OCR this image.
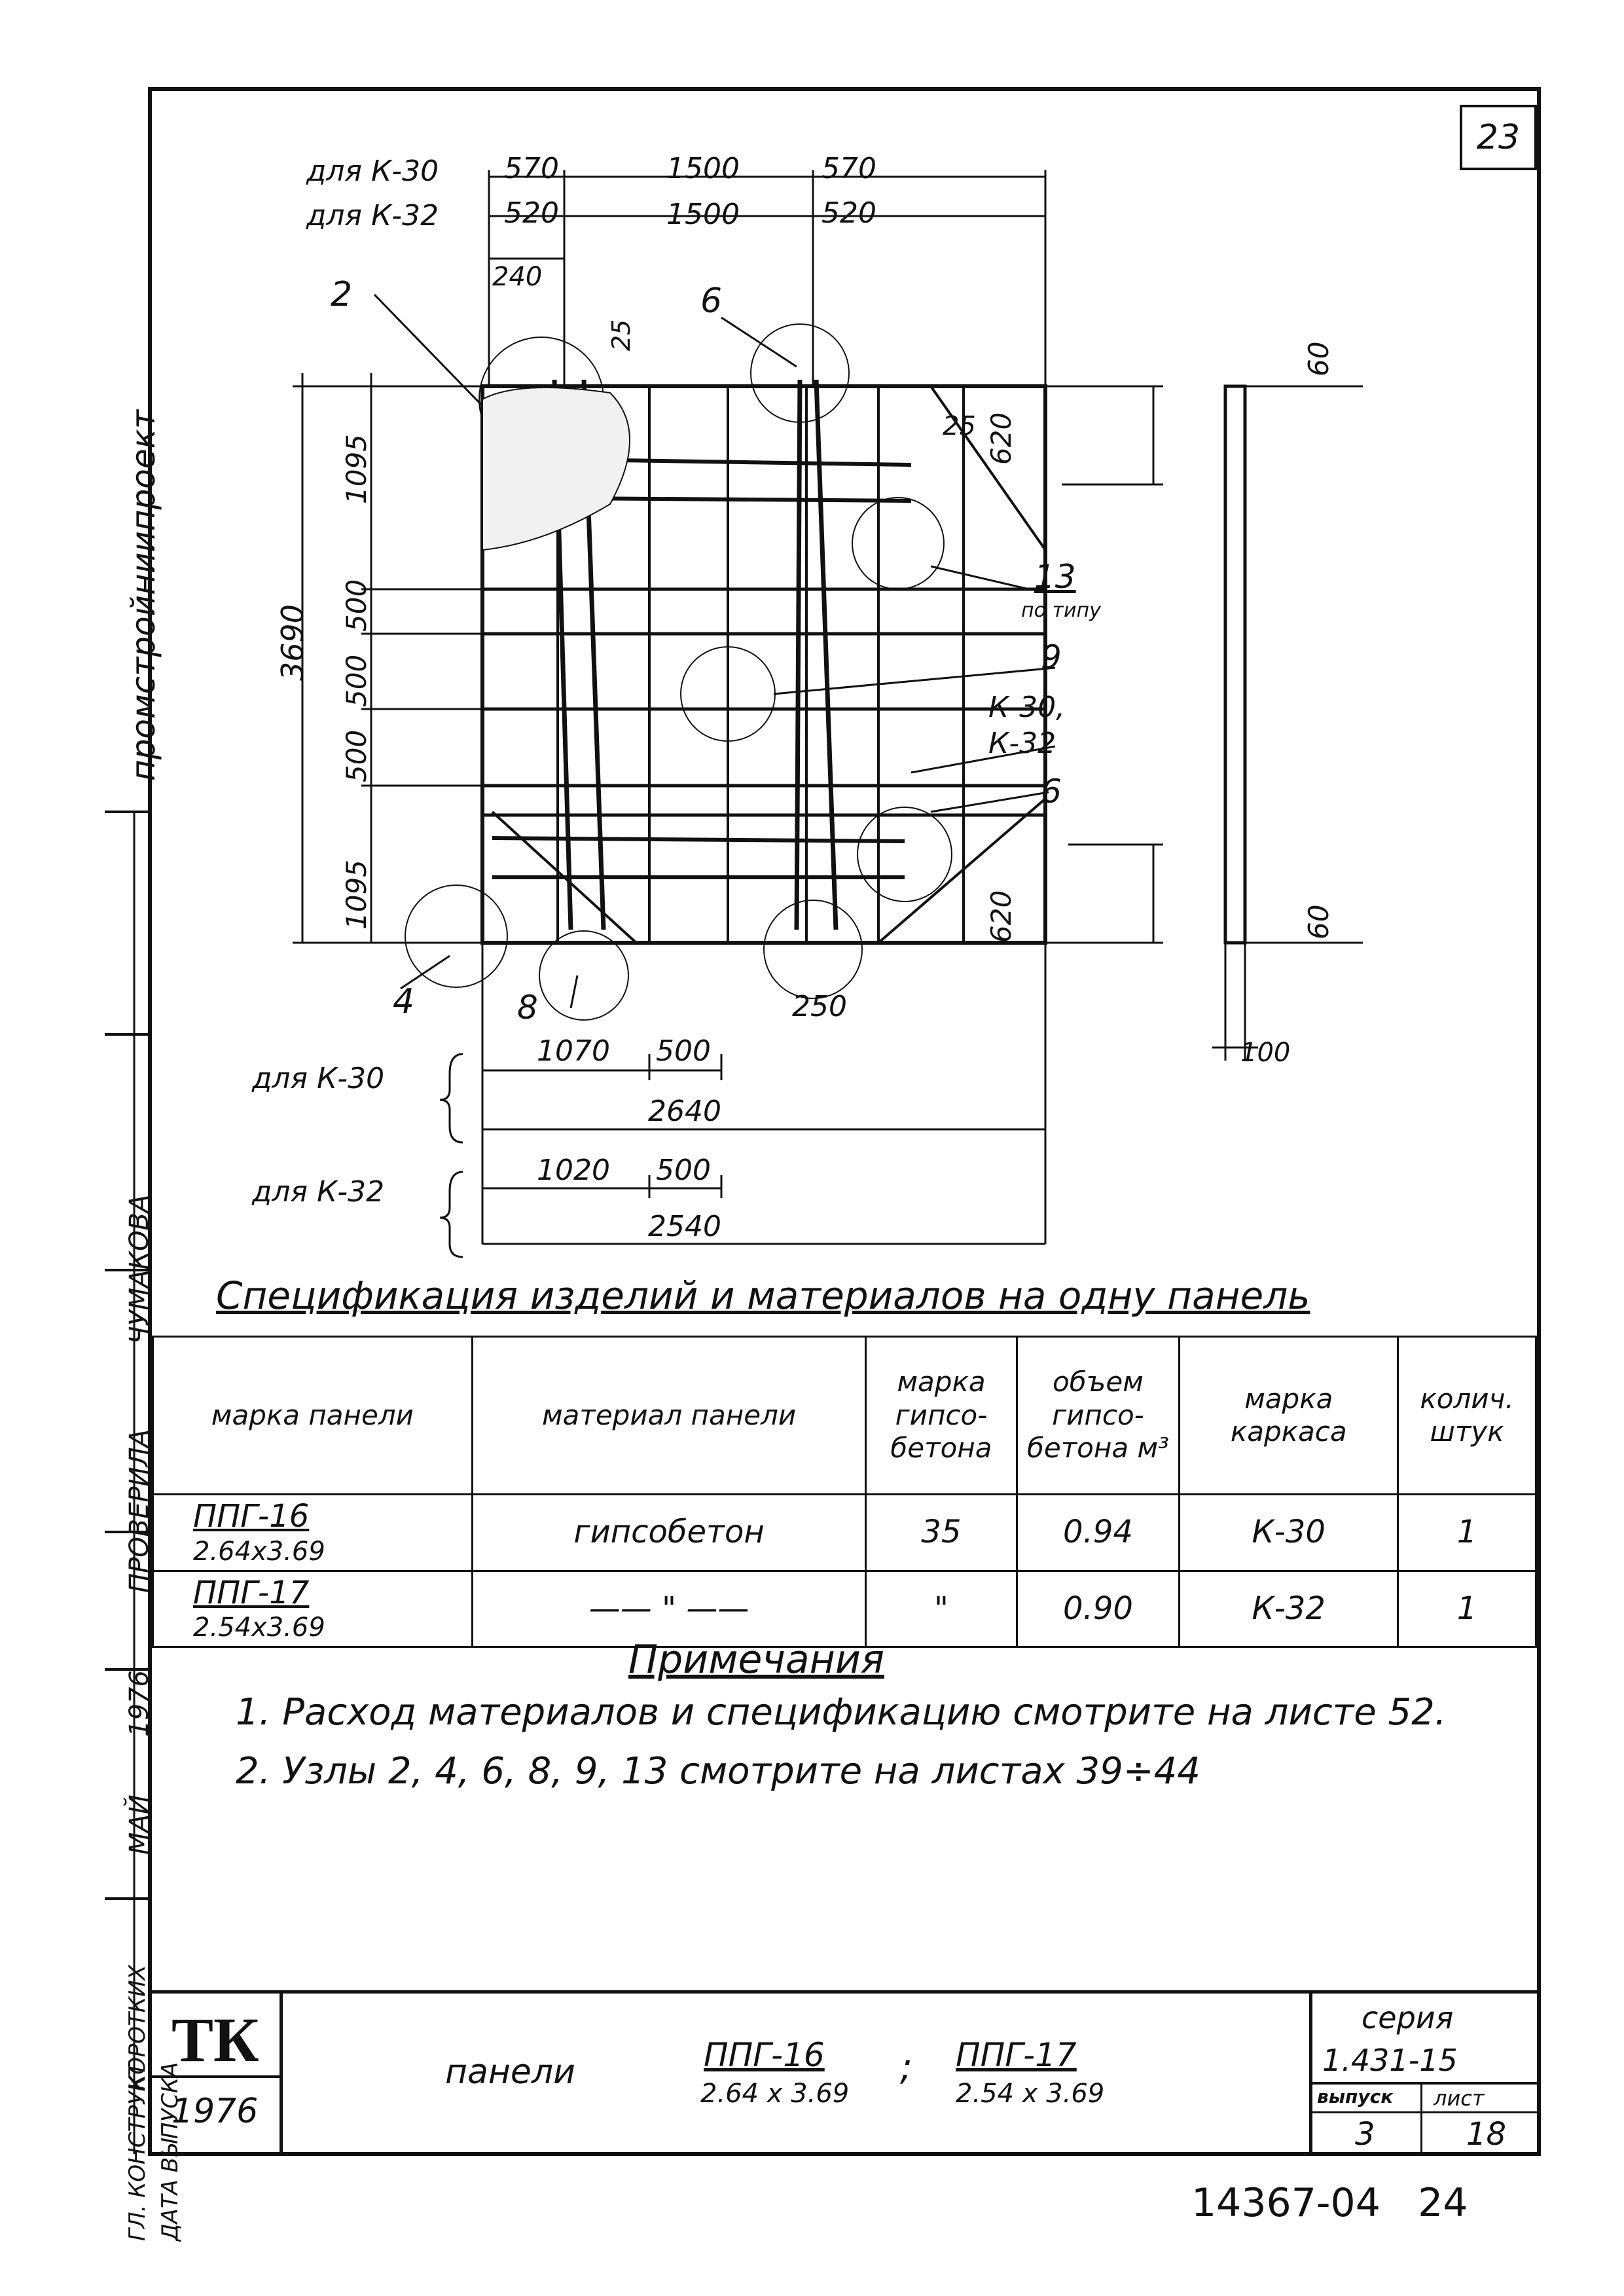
23
промстройниипроект
ЧУМАКОВА
ПРОВЕРИЛА
1976
МАЙ
КОРОТКИХ
ГЛ. КОНСТРУКТ ДАТА ВЫПУСКА
для К-30
для К-32
570	1500	570
520	1500	520
240
25
2	6
13
по типу
9
К-30,
К-32
6
4	8	250
3690
1095
500
500
500
1095
620
25
620
60
60
100
для К-30
1070 500
2640
для К-32
1020 500
2540
Спецификация изделий и материалов на одну панель
марка панели	материал панели	марка гипсо-бетона	объем гипсо-бетона м³	марка каркаса	колич. штук

ППГ-16
2.64х3.69	гипсобетон	35	0.94	К-30	1

ППГ-17
2.54х3.69	—— " ——	"	0.90	К-32	1
Примечания
1. Расход материалов и спецификацию смотрите на листе 52.
2. Узлы 2, 4, 6, 8, 9, 13 смотрите на листах 39÷44
ТК
1976
панели	ППГ-16
2.64 х 3.69
; ППГ-17
2.54 х 3.69
серия
1.431-15
выпуск лист
3	18
14367-04   24
